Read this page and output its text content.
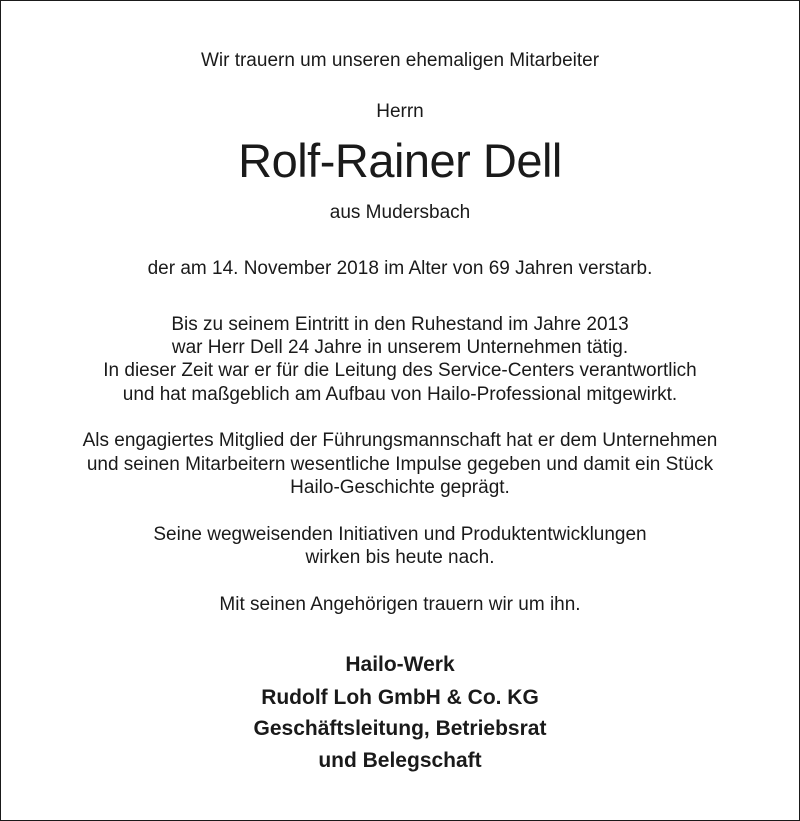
Wir trauern um unseren ehemaligen Mitarbeiter
Herrn
Rolf-Rainer Dell
aus Mudersbach
der am 14. November 2018 im Alter von 69 Jahren verstarb.
Bis zu seinem Eintritt in den Ruhestand im Jahre 2013
war Herr Dell 24 Jahre in unserem Unternehmen tätig.
In dieser Zeit war er für die Leitung des Service-Centers verantwortlich
und hat maßgeblich am Aufbau von Hailo-Professional mitgewirkt.
Als engagiertes Mitglied der Führungsmannschaft hat er dem Unternehmen
und seinen Mitarbeitern wesentliche Impulse gegeben und damit ein Stück
Hailo-Geschichte geprägt.
Seine wegweisenden Initiativen und Produktentwicklungen
wirken bis heute nach.
Mit seinen Angehörigen trauern wir um ihn.
Hailo-Werk
Rudolf Loh GmbH & Co. KG
Geschäftsleitung, Betriebsrat
und Belegschaft
